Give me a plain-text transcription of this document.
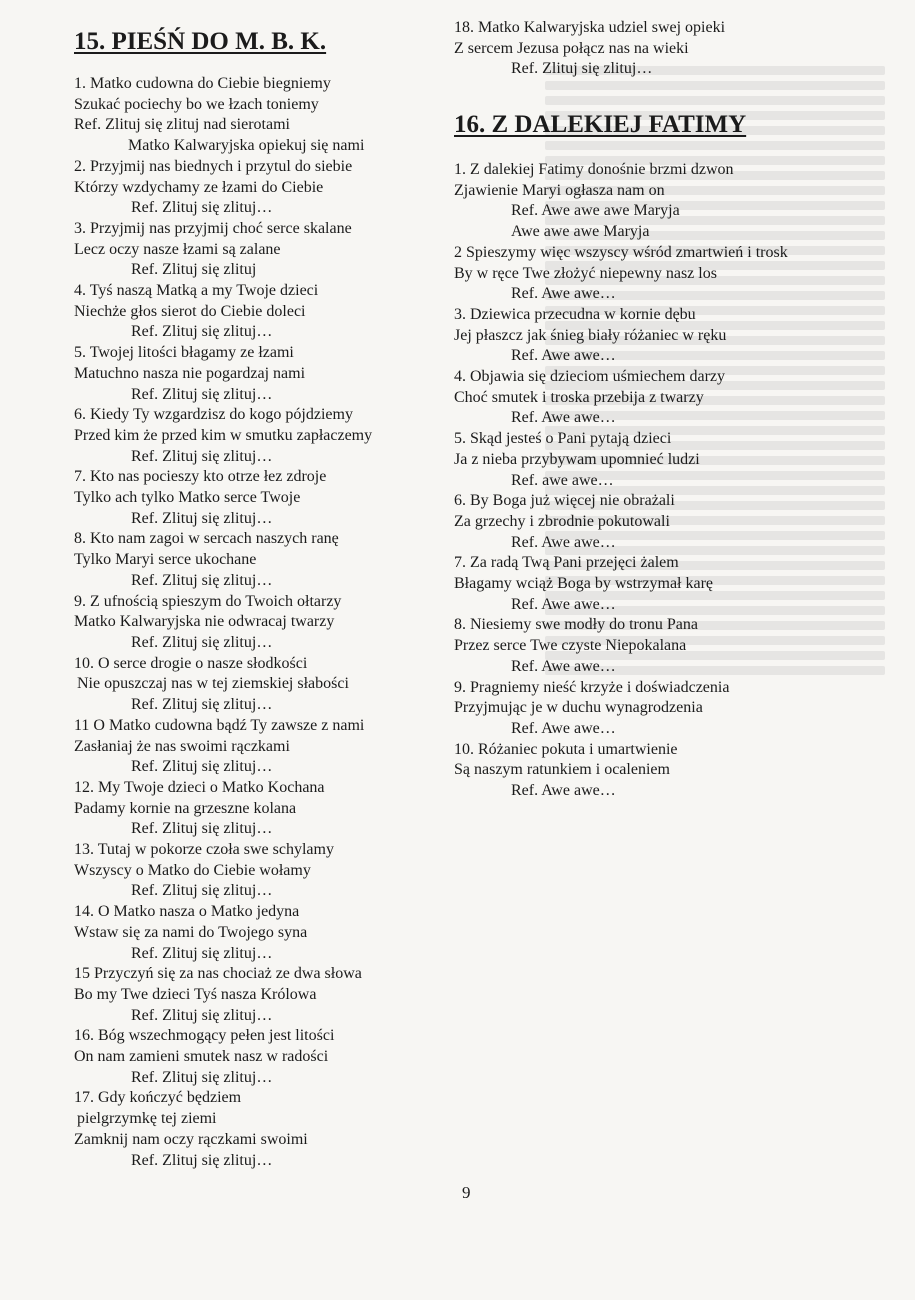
15. PIEŚŃ DO M. B. K.
1. Matko cudowna do Ciebie biegniemy
Szukać pociechy bo we łzach toniemy
Ref. Zlituj się zlituj nad sierotami
Matko Kalwaryjska opiekuj się nami
2. Przyjmij nas biednych i przytul do siebie
Którzy wzdychamy ze łzami do Ciebie
Ref. Zlituj się zlituj…
3. Przyjmij nas przyjmij choć serce skalane
Lecz oczy nasze łzami są zalane
Ref. Zlituj się zlituj
4. Tyś naszą Matką a my Twoje dzieci
Niechże głos sierot do Ciebie doleci
Ref. Zlituj się zlituj…
5. Twojej litości błagamy ze łzami
Matuchno nasza nie pogardzaj nami
Ref. Zlituj się zlituj…
6. Kiedy Ty wzgardzisz do kogo pójdziemy
Przed kim że przed kim w smutku zapłaczemy
Ref. Zlituj się zlituj…
7. Kto nas pocieszy kto otrze łez zdroje
Tylko ach tylko Matko serce Twoje
Ref. Zlituj się zlituj…
8. Kto nam zagoi w sercach naszych ranę
Tylko Maryi serce ukochane
Ref. Zlituj się zlituj…
9. Z ufnością spieszym do Twoich ołtarzy
Matko Kalwaryjska nie odwracaj twarzy
Ref. Zlituj się zlituj…
10. O serce drogie o nasze słodkości
Nie opuszczaj nas w tej ziemskiej słabości
Ref. Zlituj się zlituj…
11 O Matko cudowna bądź Ty zawsze z nami
Zasłaniaj że nas swoimi rączkami
Ref. Zlituj się zlituj…
12. My Twoje dzieci o Matko Kochana
Padamy kornie na grzeszne kolana
Ref. Zlituj się zlituj…
13. Tutaj w pokorze czoła swe schylamy
Wszyscy o Matko do Ciebie wołamy
Ref. Zlituj się zlituj…
14. O Matko nasza o Matko jedyna
Wstaw się za nami do Twojego syna
Ref. Zlituj się zlituj…
15 Przyczyń się za nas chociaż ze dwa słowa
Bo my Twe dzieci Tyś nasza Królowa
Ref. Zlituj się zlituj…
16. Bóg wszechmogący pełen jest litości
On nam zamieni smutek nasz w radości
Ref. Zlituj się zlituj…
17. Gdy kończyć będziem
pielgrzymkę tej ziemi
Zamknij nam oczy rączkami swoimi
Ref. Zlituj się zlituj…
18. Matko Kalwaryjska udziel swej opieki
Z sercem Jezusa połącz nas na wieki
Ref. Zlituj się zlituj…
16. Z DALEKIEJ FATIMY
1. Z dalekiej Fatimy donośnie brzmi dzwon
Zjawienie Maryi ogłasza nam on
Ref. Awe awe awe Maryja
Awe awe awe Maryja
2 Spieszymy więc wszyscy wśród zmartwień i trosk
By w ręce Twe złożyć niepewny nasz los
Ref. Awe awe…
3. Dziewica przecudna w kornie dębu
Jej płaszcz jak śnieg biały różaniec w ręku
Ref. Awe awe…
4. Objawia się dzieciom uśmiechem darzy
Choć smutek i troska przebija z twarzy
Ref. Awe awe…
5. Skąd jesteś o Pani pytają dzieci
Ja z nieba przybywam upomnieć ludzi
Ref. awe awe…
6. By Boga już więcej nie obrażali
Za grzechy i zbrodnie pokutowali
Ref. Awe awe…
7. Za radą Twą Pani przejęci żalem
Błagamy wciąż Boga by wstrzymał karę
Ref. Awe awe…
8. Niesiemy swe modły do tronu Pana
Przez serce Twe czyste Niepokalana
Ref. Awe awe…
9. Pragniemy nieść krzyże i doświadczenia
Przyjmując je w duchu wynagrodzenia
Ref. Awe awe…
10. Różaniec pokuta i umartwienie
Są naszym ratunkiem i ocaleniem
Ref. Awe awe…
9
